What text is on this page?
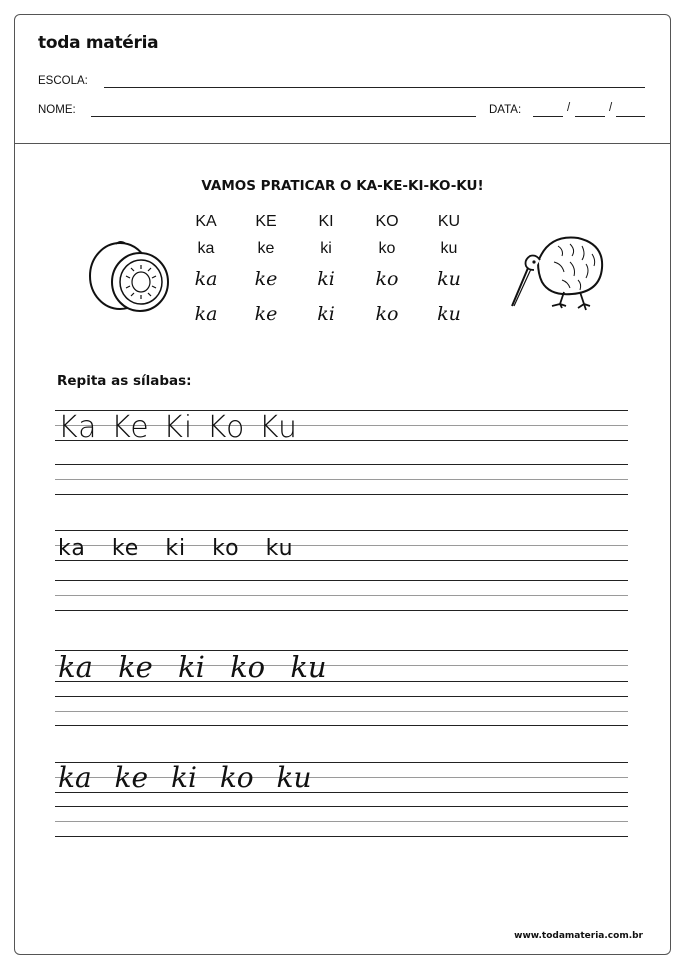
toda matéria
ESCOLA:
NOME:	DATA:	/	/
VAMOS PRATICAR O KA-KE-KI-KO-KU!
KA	KE	KI	KO	KU
ka	ke	ki	ko	ku
ka	ke	ki	ko	ku
ka	ke	ki	ko	ku
Repita as sílabas:
Ka Ke Ki Ko Ku
ka ke ki ko ku
ka ke ki ko ku
ka ke ki ko ku
www.todamateria.com.br
